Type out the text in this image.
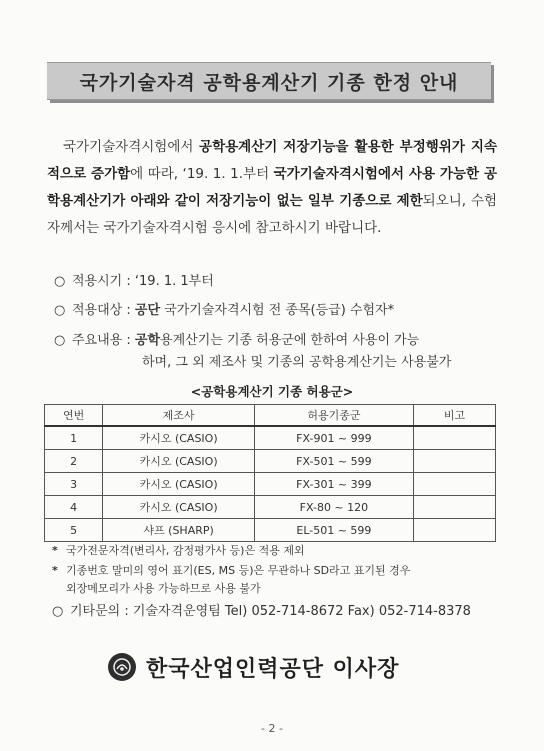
국가기술자격 공학용계산기 기종 한정 안내
국가기술자격시험에서 공학용계산기 저장기능을 활용한 부정행위가 지속적으로 증가함에 따라, ‘19. 1. 1.부터 국가기술자격시험에서 사용 가능한 공학용계산기가 아래와 같이 저장기능이 없는 일부 기종으로 제한되오니, 수험자께서는 국가기술자격시험 응시에 참고하시기 바랍니다.
○ 적용시기 : ‘19. 1. 1부터
○ 적용대상 : 공단 국가기술자격시험 전 종목(등급) 수험자*
○ 주요내용 : 공학용계산기는 기종 허용군에 한하여 사용이 가능
하며, 그 외 제조사 및 기종의 공학용계산기는 사용불가
<공학용계산기 기종 허용군>
연번	제조사	허용기종군	비고
1	카시오 (CASIO)	FX-901 ~ 999	
2	카시오 (CASIO)	FX-501 ~ 599	
3	카시오 (CASIO)	FX-301 ~ 399	
4	카시오 (CASIO)	FX-80 ~ 120	
5	샤프 (SHARP)	EL-501 ~ 599	
* 국가전문자격(변리사, 감정평가사 등)은 적용 제외
* 기종번호 말미의 영어 표기(ES, MS 등)은 무관하나 SD라고 표기된 경우
외장메모리가 사용 가능하므로 사용 불가
○ 기타문의 : 기술자격운영팀 Tel) 052-714-8672 Fax) 052-714-8378
한국산업인력공단 이사장
- 2 -
